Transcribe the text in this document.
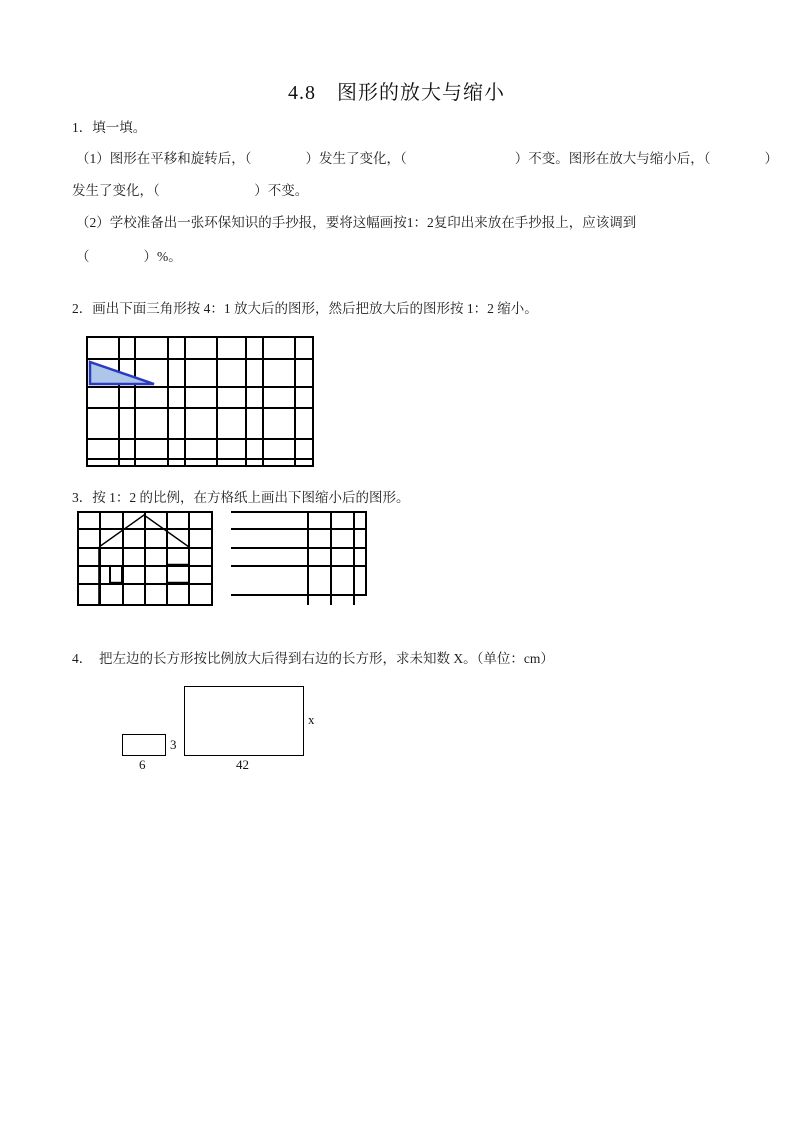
4.8　图形的放大与缩小
1．填一填。
（1）图形在平移和旋转后，（　　　　）发生了变化，（　　　　　　　　）不变。图形在放大与缩小后，（　　　　）
发生了变化，（　　　　　　　）不变。
（2）学校准备出一张环保知识的手抄报，要将这幅画按1：2复印出来放在手抄报上，应该调到
（　　　　）%。
2．画出下面三角形按 4：1 放大后的图形，然后把放大后的图形按 1：2 缩小。
3．按 1：2 的比例，在方格纸上画出下图缩小后的图形。
4．　把左边的长方形按比例放大后得到右边的长方形，求未知数 X。（单位：cm）
3
6
x
42
